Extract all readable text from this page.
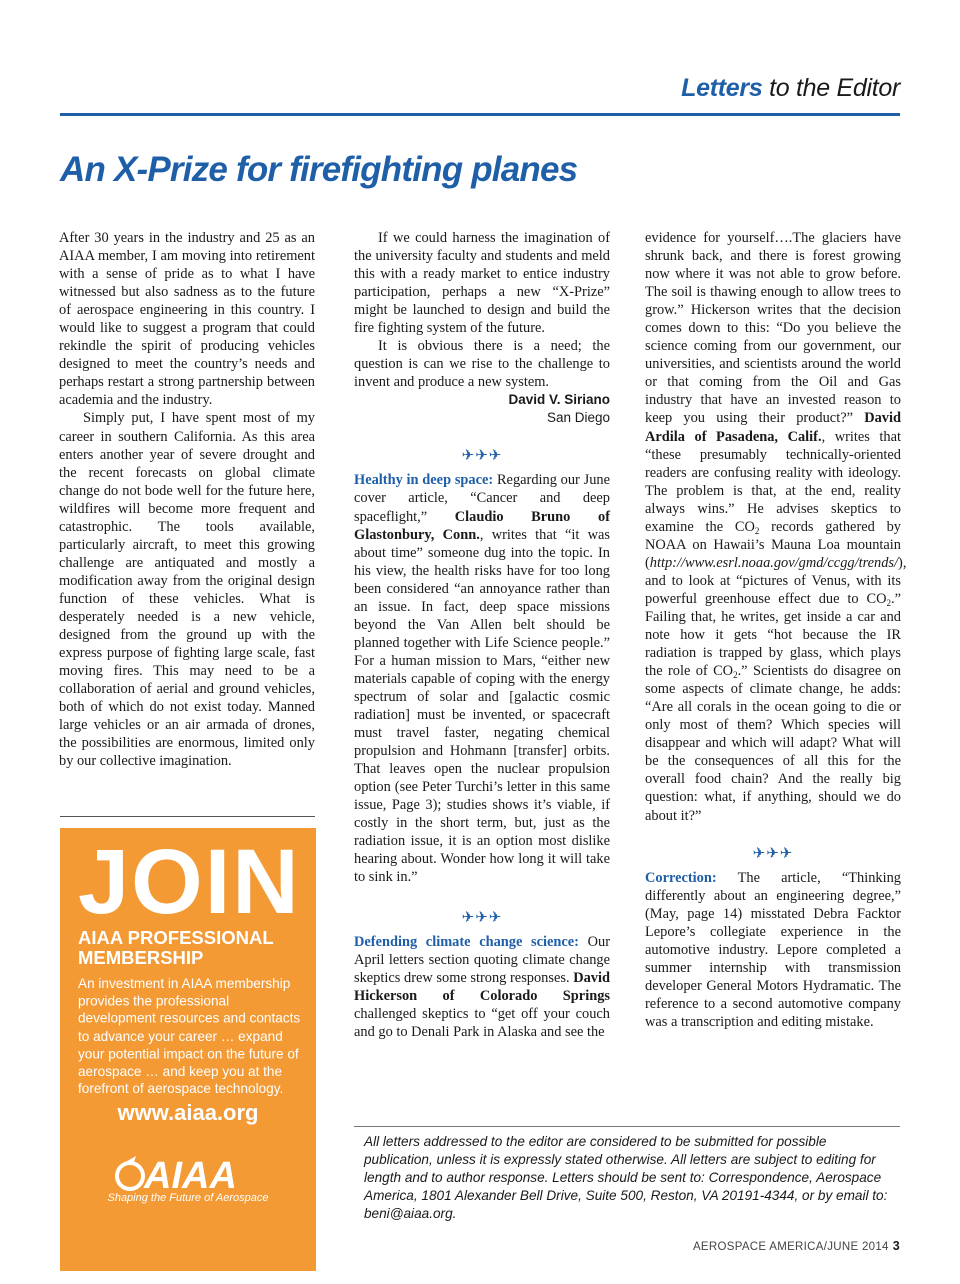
Letters to the Editor
An X-Prize for firefighting planes

After 30 years in the industry and 25 as an AIAA member, I am moving into retirement with a sense of pride as to what I have witnessed but also sadness as to the future of aerospace engineering in this country. I would like to suggest a program that could rekindle the spirit of producing vehicles designed to meet the country’s needs and perhaps restart a strong partnership between academia and the industry.

Simply put, I have spent most of my career in southern California. As this area enters another year of severe drought and the recent forecasts on global climate change do not bode well for the future here, wildfires will become more frequent and catastrophic. The tools available, particularly aircraft, to meet this growing challenge are antiquated and mostly a modification away from the original design function of these vehicles. What is desperately needed is a new vehicle, designed from the ground up with the express purpose of fighting large scale, fast moving fires. This may need to be a collaboration of aerial and ground vehicles, both of which do not exist today. Manned large vehicles or an air armada of drones, the possibilities are enormous, limited only by our collective imagination.

JOIN
AIAA PROFESSIONAL MEMBERSHIP
An investment in AIAA membership provides the professional development resources and contacts to advance your career … expand your potential impact on the future of aerospace … and keep you at the forefront of aerospace technology.
www.aiaa.org
AIAA
Shaping the Future of Aerospace

If we could harness the imagination of the university faculty and students and meld this with a ready market to entice industry participation, perhaps a new “X-Prize” might be launched to design and build the fire fighting system of the future.

It is obvious there is a need; the question is can we rise to the challenge to invent and produce a new system.

David V. Siriano
San Diego
✈✈✈

Healthy in deep space: Regarding our June cover article, “Cancer and deep spaceflight,” Claudio Bruno of Glastonbury, Conn., writes that “it was about time” someone dug into the topic. In his view, the health risks have for too long been considered “an annoyance rather than an issue. In fact, deep space missions beyond the Van Allen belt should be planned together with Life Science people.” For a human mission to Mars, “either new materials capable of coping with the energy spectrum of solar and [galactic cosmic radiation] must be invented, or spacecraft must travel faster, negating chemical propulsion and Hohmann [transfer] orbits. That leaves open the nuclear propulsion option (see Peter Turchi’s letter in this same issue, Page 3); studies shows it’s viable, if costly in the short term, but, just as the radiation issue, it is an option most dislike hearing about. Wonder how long it will take to sink in.”

✈✈✈

Defending climate change science: Our April letters section quoting climate change skeptics drew some strong responses. David Hickerson of Colorado Springs challenged skeptics to “get off your couch and go to Denali Park in Alaska and see the

evidence for yourself….The glaciers have shrunk back, and there is forest growing now where it was not able to grow before. The soil is thawing enough to allow trees to grow.” Hickerson writes that the decision comes down to this: “Do you believe the science coming from our government, our universities, and scientists around the world or that coming from the Oil and Gas industry that have an invested reason to keep you using their product?” David Ardila of Pasadena, Calif., writes that “these presumably technically-oriented readers are confusing reality with ideology. The problem is that, at the end, reality always wins.” He advises skeptics to examine the $CO_2$ records gathered by NOAA on Hawaii’s Mauna Loa mountain (http://www.esrl.noaa.gov/gmd/ccgg/trends/), and to look at “pictures of Venus, with its powerful greenhouse effect due to $CO_2$.” Failing that, he writes, get inside a car and note how it gets “hot because the IR radiation is trapped by glass, which plays the role of $CO_2$.” Scientists do disagree on some aspects of climate change, he adds: “Are all corals in the ocean going to die or only most of them? Which species will disappear and which will adapt? What will be the consequences of all this for the overall food chain? And the really big question: what, if anything, should we do about it?”

✈✈✈

Correction: The article, “Thinking differently about an engineering degree,” (May, page 14) misstated Debra Facktor Lepore’s collegiate experience in the automotive industry. Lepore completed a summer internship with transmission developer General Motors Hydramatic. The reference to a second automotive company was a transcription and editing mistake.

All letters addressed to the editor are considered to be submitted for possible publication, unless it is expressly stated otherwise. All letters are subject to editing for length and to author response. Letters should be sent to: Correspondence, Aerospace America, 1801 Alexander Bell Drive, Suite 500, Reston, VA 20191-4344, or by email to: beni@aiaa.org.
AEROSPACE AMERICA/JUNE 2014 3
